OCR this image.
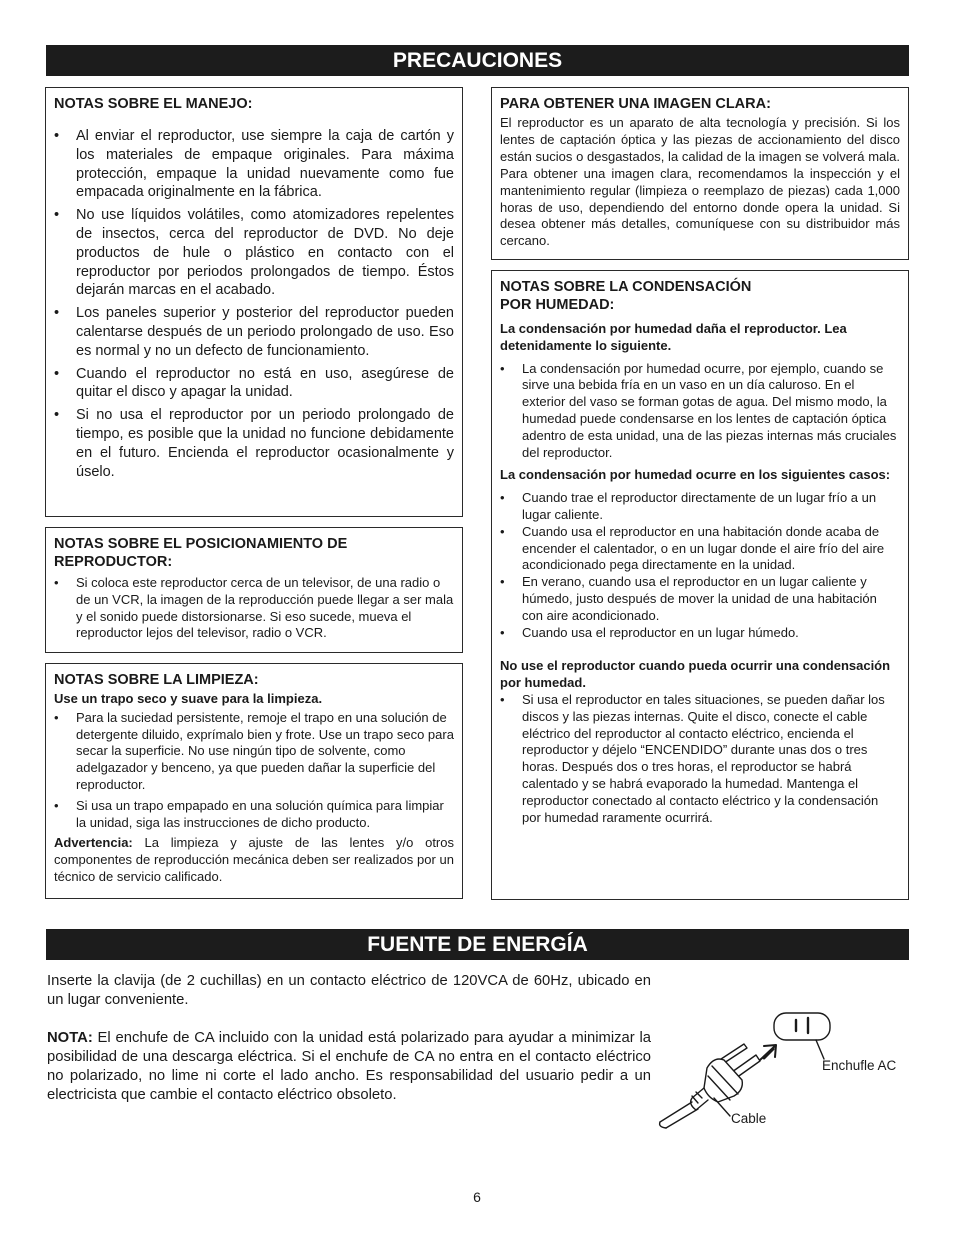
PRECAUCIONES
NOTAS SOBRE EL MANEJO:
• Al enviar el reproductor, use siempre la caja de cartón y los materiales de empaque originales. Para máxima protección, empaque la unidad nuevamente como fue empacada originalmente en la fábrica.
• No use líquidos volátiles, como atomizadores repelentes de insectos, cerca del reproductor de DVD. No deje productos de hule o plástico en contacto con el reproductor por periodos prolongados de tiempo. Éstos dejarán marcas en el acabado.
• Los paneles superior y posterior del reproductor pueden calentarse después de un periodo prolongado de uso. Eso es normal y no un defecto de funcionamiento.
• Cuando el reproductor no está en uso, asegúrese de quitar el disco y apagar la unidad.
• Si no usa el reproductor por un periodo prolongado de tiempo, es posible que la unidad no funcione debidamente en el futuro. Encienda el reproductor ocasionalmente y úselo.
NOTAS SOBRE EL POSICIONAMIENTO DE REPRODUCTOR:
• Si coloca este reproductor cerca de un televisor, de una radio o de un VCR, la imagen de la reproducción puede llegar a ser mala y el sonido puede distorsionarse. Si eso sucede, mueva el reproductor lejos del televisor, radio o VCR.
NOTAS SOBRE LA LIMPIEZA:

Use un trapo seco y suave para la limpieza.

• Para la suciedad persistente, remoje el trapo en una solución de detergente diluido, exprímalo bien y frote. Use un trapo seco para secar la superficie. No use ningún tipo de solvente, como adelgazador y benceno, ya que pueden dañar la superficie del reproductor.
• Si usa un trapo empapado en una solución química para limpiar la unidad, siga las instrucciones de dicho producto.

Advertencia: La limpieza y ajuste de las lentes y/o otros componentes de reproducción mecánica deben ser realizados por un técnico de servicio calificado.

PARA OBTENER UNA IMAGEN CLARA:

El reproductor es un aparato de alta tecnología y precisión. Si los lentes de captación óptica y las piezas de accionamiento del disco están sucios o desgastados, la calidad de la imagen se volverá mala. Para obtener una imagen clara, recomendamos la inspección y el mantenimiento regular (limpieza o reemplazo de piezas) cada 1,000 horas de uso, dependiendo del entorno donde opera la unidad. Si desea obtener más detalles, comuníquese con su distribuidor más cercano.

NOTAS SOBRE LA CONDENSACIÓN
POR HUMEDAD:

La condensación por humedad daña el reproductor. Lea detenidamente lo siguiente.

• La condensación por humedad ocurre, por ejemplo, cuando se sirve una bebida fría en un vaso en un día caluroso. En el exterior del vaso se forman gotas de agua. Del mismo modo, la humedad puede condensarse en los lentes de captación óptica adentro de esta unidad, una de las piezas internas más cruciales del reproductor.

La condensación por humedad ocurre en los siguientes casos:

• Cuando trae el reproductor directamente de un lugar frío a un lugar caliente.
• Cuando usa el reproductor en una habitación donde acaba de encender el calentador, o en un lugar donde el aire frío del aire acondicionado pega directamente en la unidad.
• En verano, cuando usa el reproductor en un lugar caliente y húmedo, justo después de mover la unidad de una habitación con aire acondicionado.
• Cuando usa el reproductor en un lugar húmedo.

No use el reproductor cuando pueda ocurrir una condensación por humedad.

• Si usa el reproductor en tales situaciones, se pueden dañar los discos y las piezas internas. Quite el disco, conecte el cable eléctrico del reproductor al contacto eléctrico, encienda el reproductor y déjelo “ENCENDIDO” durante unas dos o tres horas. Después dos o tres horas, el reproductor se habrá calentado y se habrá evaporado la humedad. Mantenga el reproductor conectado al contacto eléctrico y la condensación por humedad raramente ocurrirá.
FUENTE DE ENERGÍA
Inserte la clavija (de 2 cuchillas) en un contacto eléctrico de 120VCA de 60Hz, ubicado en un lugar conveniente.
NOTA: El enchufe de CA incluido con la unidad está polarizado para ayudar a minimizar la posibilidad de una descarga eléctrica. Si el enchufe de CA no entra en el contacto eléctrico no polarizado, no lime ni corte el lado ancho. Es responsabilidad del usuario pedir a un electricista que cambie el contacto eléctrico obsoleto.
Enchufle AC
Cable
6
